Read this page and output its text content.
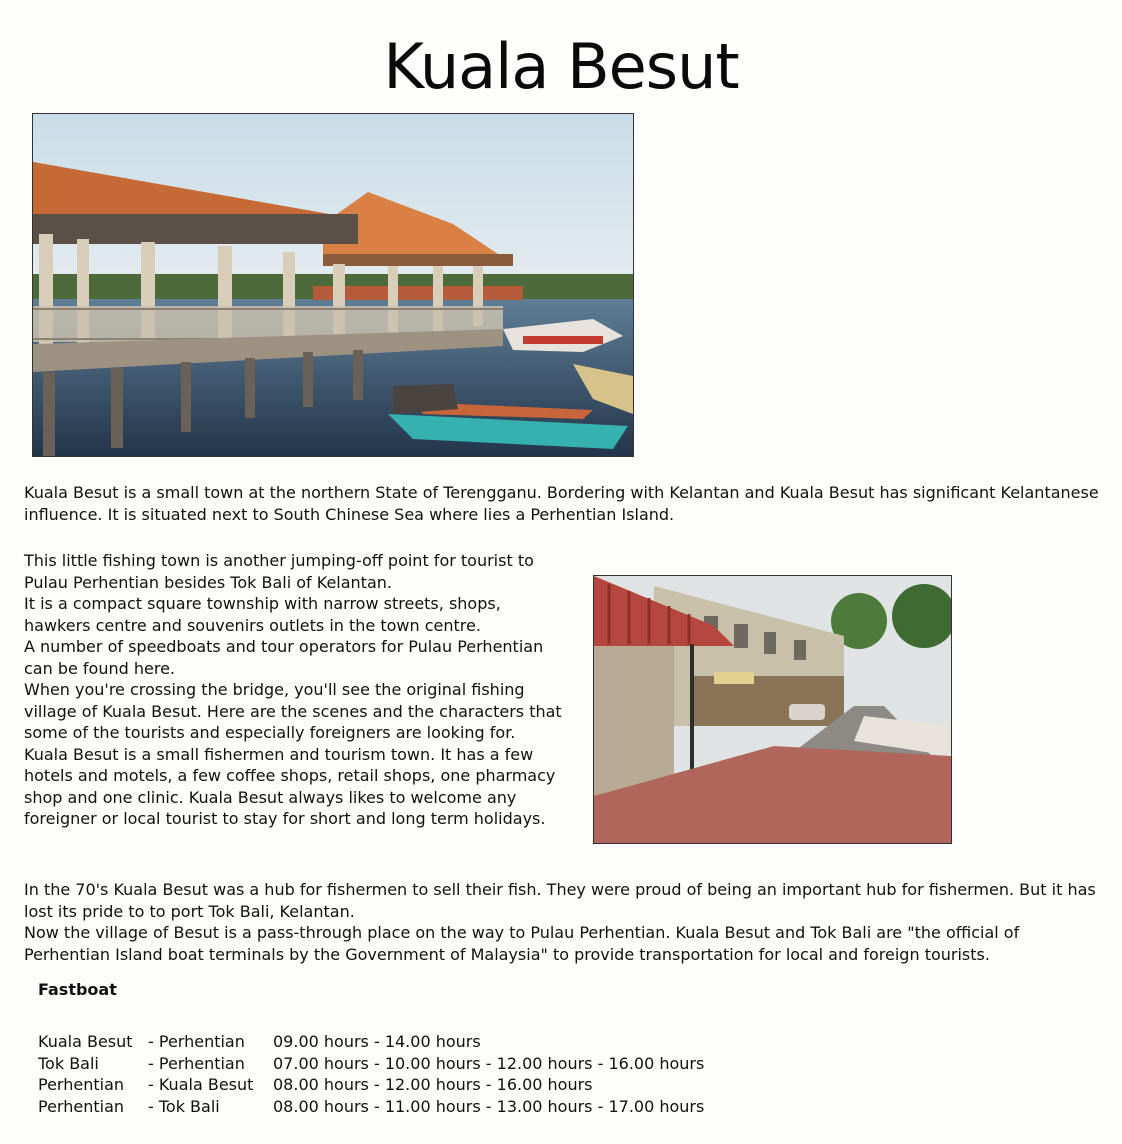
Kuala Besut

Kuala Besut is a small town at the northern State of Terengganu. Bordering with Kelantan and Kuala Besut has significant Kelantanese influence. It is situated next to South Chinese Sea where lies a Perhentian Island.

This little fishing town is another jumping-off point for tourist to Pulau Perhentian besides Tok Bali of Kelantan.
It is a compact square township with narrow streets, shops, hawkers centre and souvenirs outlets in the town centre.
A number of speedboats and tour operators for Pulau Perhentian can be found here.
When you're crossing the bridge, you'll see the original fishing village of Kuala Besut. Here are the scenes and the characters that some of the tourists and especially foreigners are looking for.
Kuala Besut is a small fishermen and tourism town. It has a few hotels and motels, a few coffee shops, retail shops, one pharmacy shop and one clinic. Kuala Besut always likes to welcome any foreigner or local tourist to stay for short and long term holidays.

In the 70's Kuala Besut was a hub for fishermen to sell their fish. They were proud of being an important hub for fishermen. But it has lost its pride to to port Tok Bali, Kelantan.
Now the village of Besut is a pass-through place on the way to Pulau Perhentian. Kuala Besut and Tok Bali are "the official of Perhentian Island boat terminals by the Government of Malaysia" to provide transportation for local and foreign tourists.
Fastboat
Kuala Besut	- Perhentian	09.00 hours - 14.00 hours
Tok Bali	- Perhentian	07.00 hours - 10.00 hours - 12.00 hours - 16.00 hours
Perhentian	- Kuala Besut	08.00 hours - 12.00 hours - 16.00 hours
Perhentian	- Tok Bali	08.00 hours - 11.00 hours - 13.00 hours - 17.00 hours
